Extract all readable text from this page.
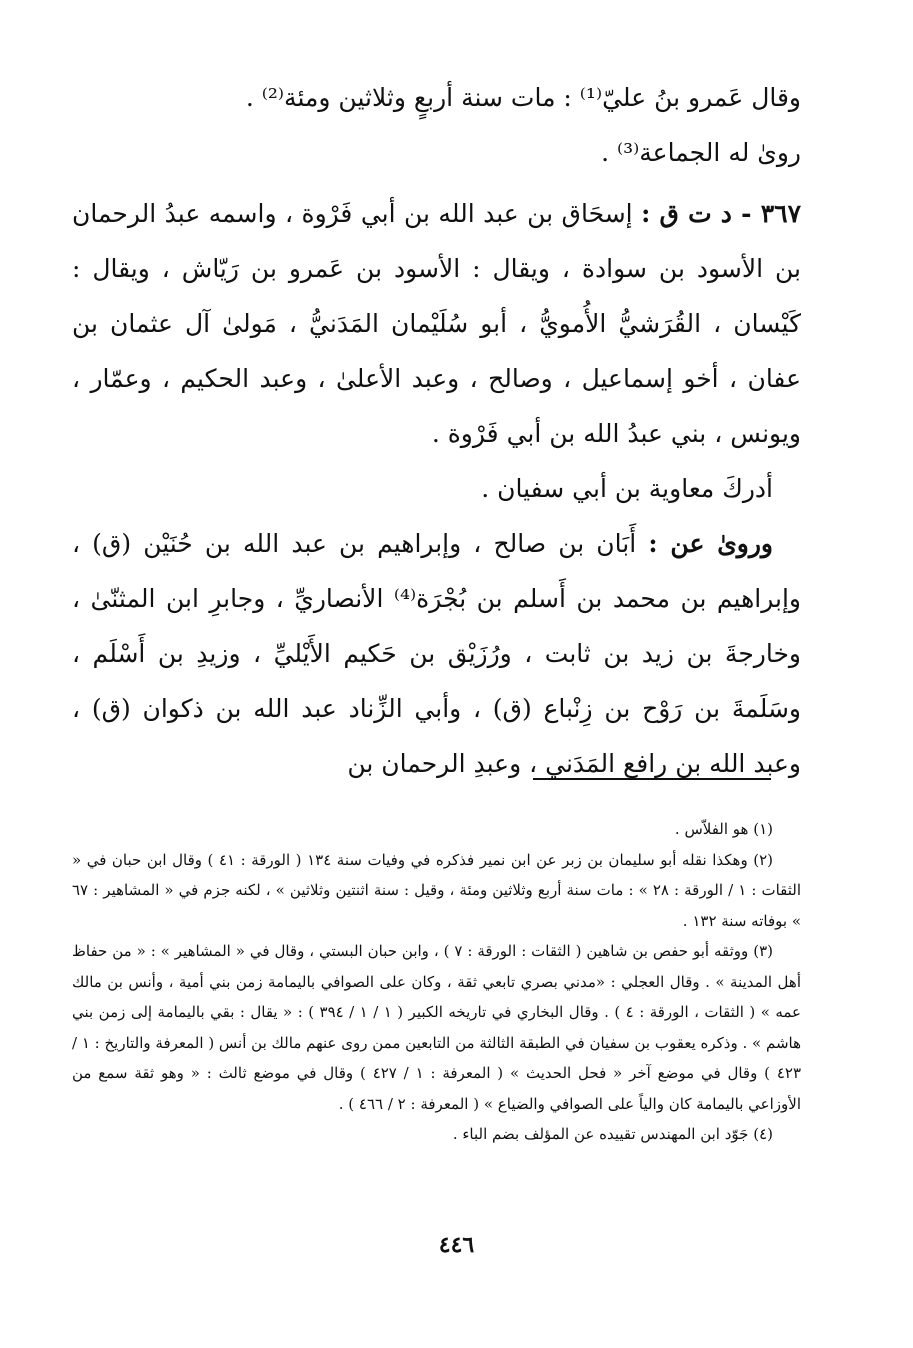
وقال عَمرو بنُ عليّ⁽¹⁾ : مات سنة أربعٍ وثلاثين ومئة⁽²⁾ .

روىٰ له الجماعة⁽³⁾ .

٣٦٧ - د ت ق : إسحَاق بن عبد الله بن أبي فَرْوة ، واسمه عبدُ الرحمان بن الأسود بن سوادة ، ويقال : الأسود بن عَمرو بن رَيّاش ، ويقال : كَيْسان ، القُرَشيُّ الأُمويُّ ، أبو سُلَيْمان المَدَنيُّ ، مَولىٰ آل عثمان بن عفان ، أخو إسماعيل ، وصالح ، وعبد الأعلىٰ ، وعبد الحكيم ، وعمّار ، ويونس ، بني عبدُ الله بن أبي فَرْوة .

أدركَ معاوية بن أبي سفيان .

وروىٰ عن : أَبَان بن صالح ، وإبراهيم بن عبد الله بن حُنَيْن (ق) ، وإبراهيم بن محمد بن أَسلم بن بُجْرَة⁽⁴⁾ الأنصاريِّ ، وجابرِ ابن المثنّىٰ ، وخارجةَ بن زيد بن ثابت ، ورُزَيْق بن حَكيم الأَيْليِّ ، وزيدِ بن أَسْلَم ، وسَلَمةَ بن رَوْح بن زِنْباع (ق) ، وأبي الزِّناد عبد الله بن ذكوان (ق) ، وعبد الله بن رافع المَدَني ، وعبدِ الرحمان بن

(١) هو الفلاّس .

(٢) وهكذا نقله أبو سليمان بن زبر عن ابن نمير فذكره في وفيات سنة ١٣٤ ( الورقة : ٤١ ) وقال ابن حبان في « الثقات : ١ / الورقة : ٢٨ » : مات سنة أربع وثلاثين ومئة ، وقيل : سنة اثنتين وثلاثين » ، لكنه جزم في « المشاهير : ٦٧ » بوفاته سنة ١٣٢ .

(٣) ووثقه أبو حفص بن شاهين ( الثقات : الورقة : ٧ ) ، وابن حبان البستي ، وقال في « المشاهير » : « من حفاظ أهل المدينة » . وقال العجلي : «مدني بصري تابعي ثقة ، وكان على الصوافي باليمامة زمن بني أمية ، وأنس بن مالك عمه » ( الثقات ، الورقة : ٤ ) . وقال البخاري في تاريخه الكبير ( ١ / ١ / ٣٩٤ ) : « يقال : بقي باليمامة إلى زمن بني هاشم » . وذكره يعقوب بن سفيان في الطبقة الثالثة من التابعين ممن روى عنهم مالك بن أنس ( المعرفة والتاريخ : ١ / ٤٢٣ ) وقال في موضع آخر « فحل الحديث » ( المعرفة : ١ / ٤٢٧ ) وقال في موضع ثالث : « وهو ثقة سمع من الأوزاعي باليمامة كان والياً على الصوافي والضياع » ( المعرفة : ٢ / ٤٦٦ ) .

(٤) جَوّد ابن المهندس تقييده عن المؤلف بضم الباء .

٤٤٦
